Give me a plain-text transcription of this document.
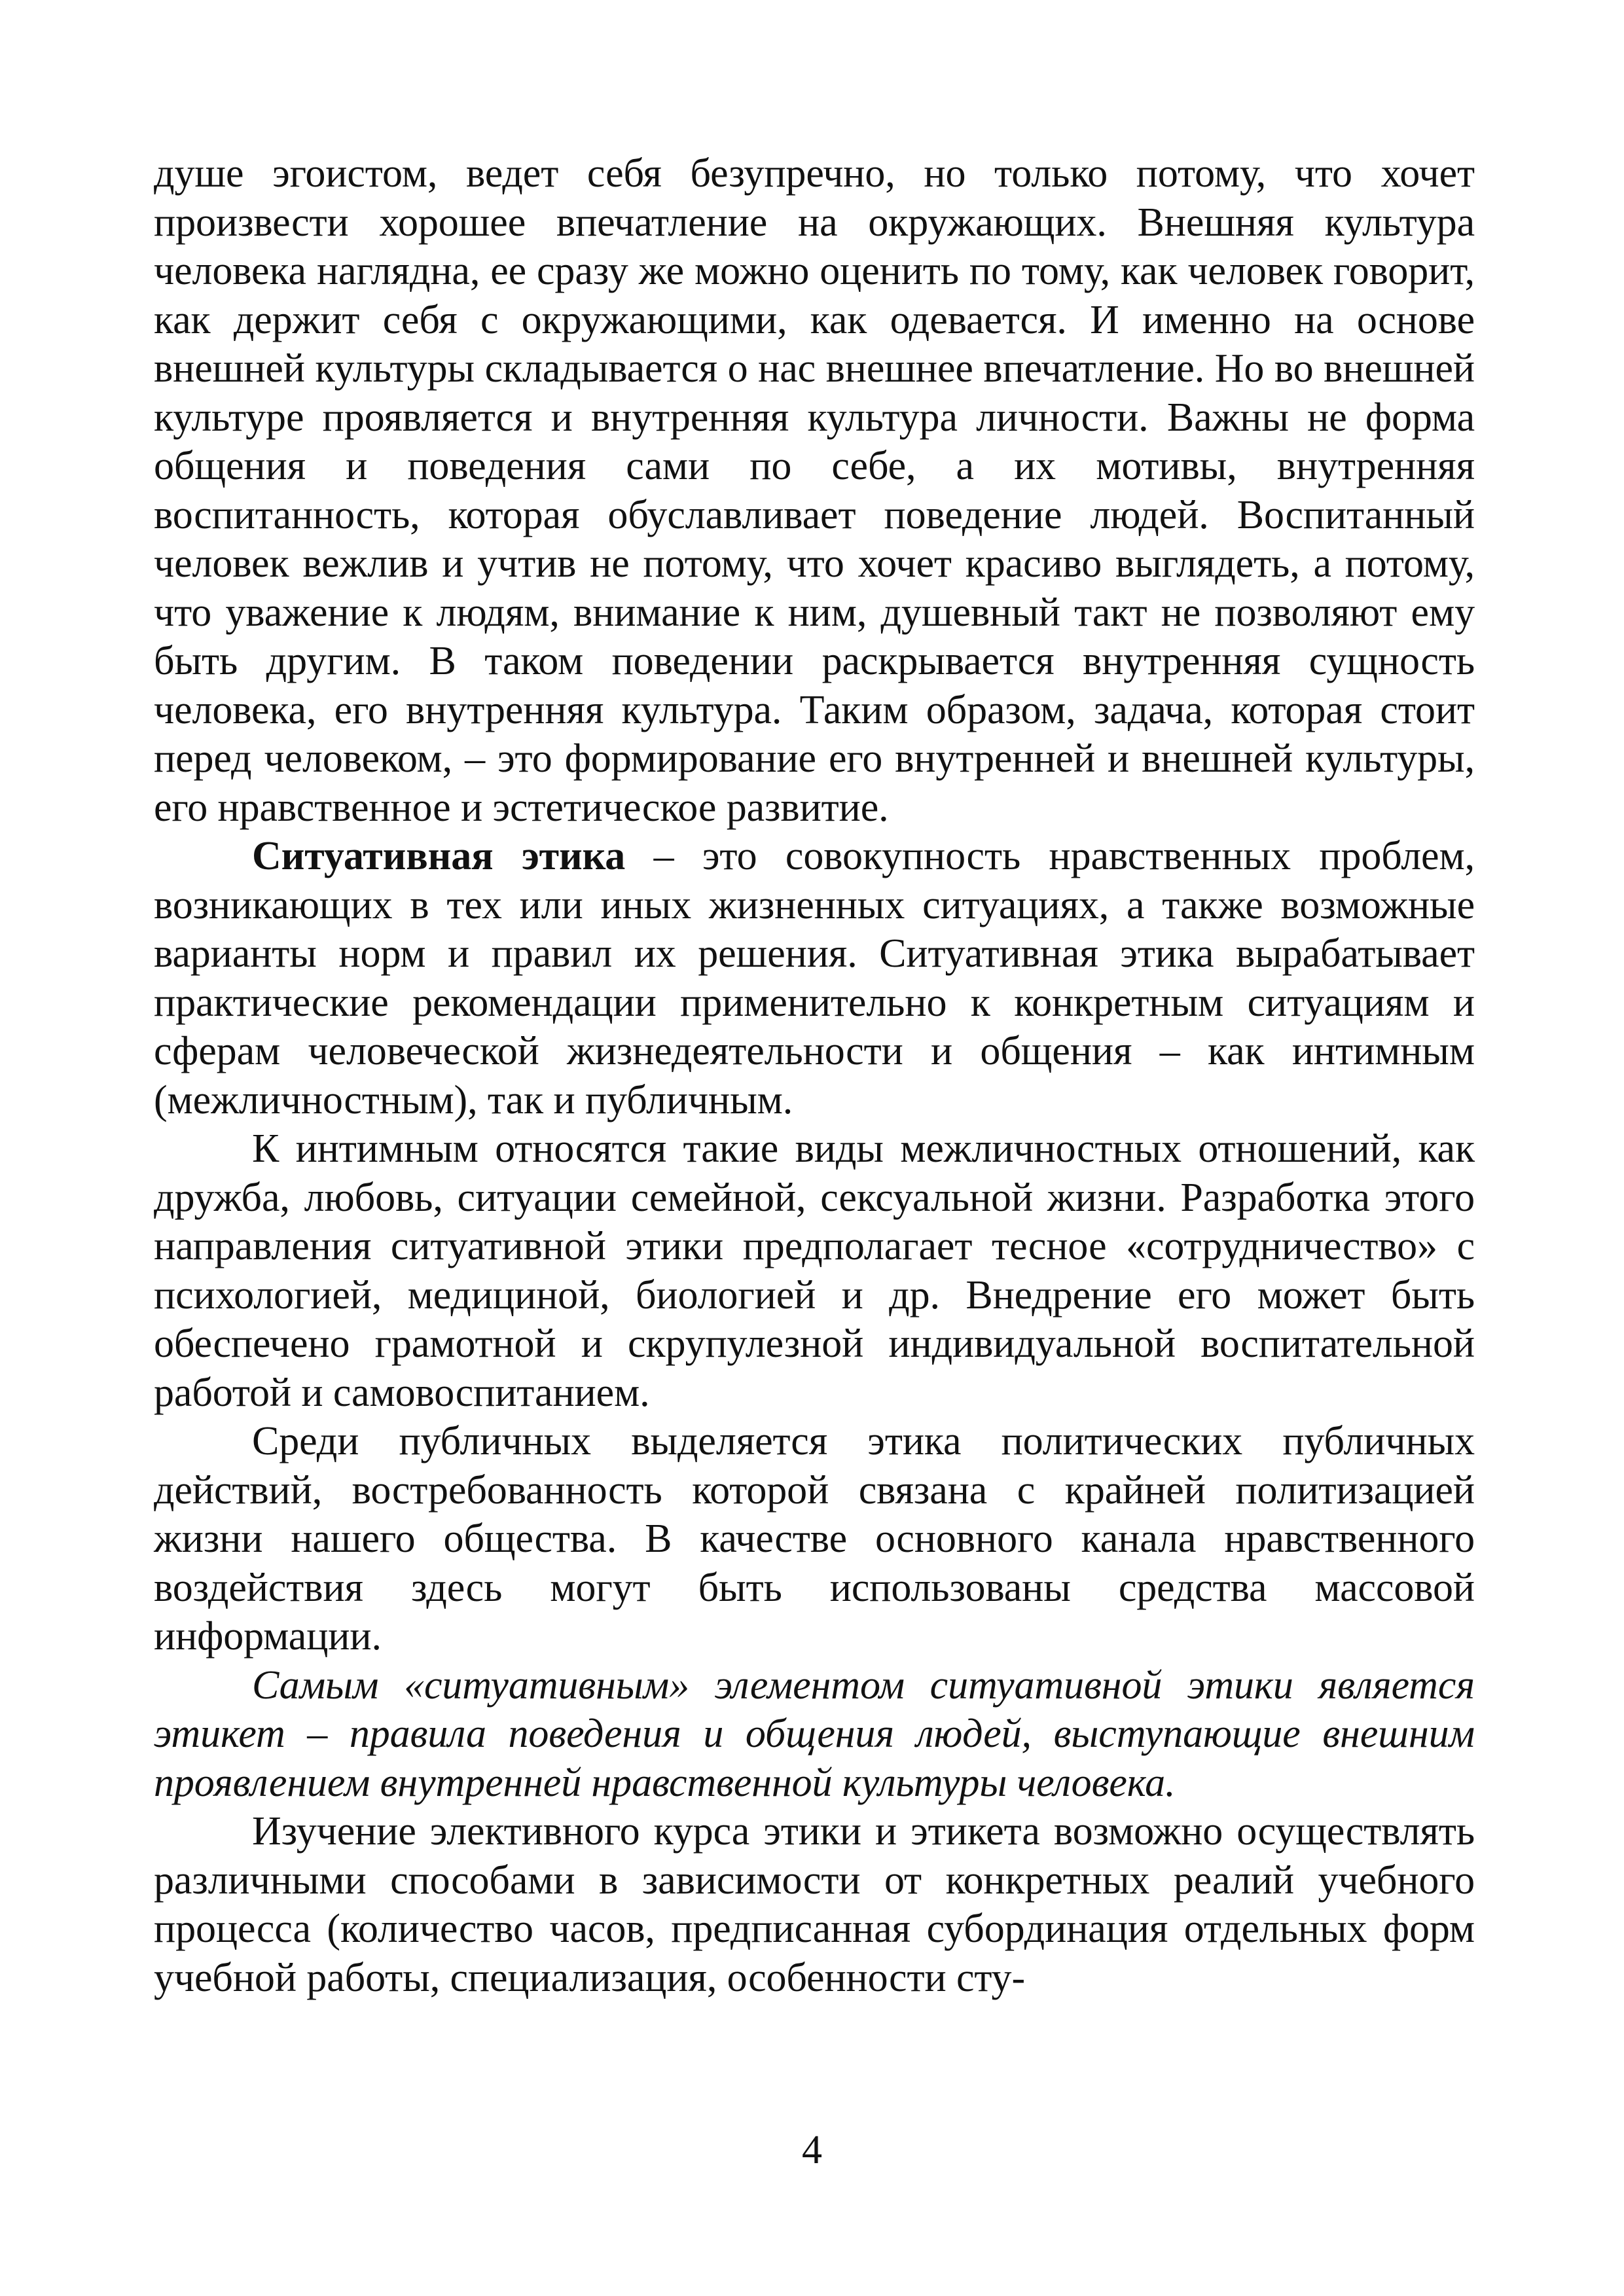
душе эгоистом, ведет себя безупречно, но только потому, что хочет произвести хорошее впечатление на окружающих. Внешняя культура человека наглядна, ее сразу же можно оценить по тому, как человек говорит, как держит себя с окружающими, как одевается. И именно на основе внешней культуры складывается о нас внешнее впечатление. Но во внешней культуре проявляется и внутренняя культура личности. Важны не форма общения и поведения сами по себе, а их мотивы, внутренняя воспитанность, которая обуславливает поведение людей. Воспитанный человек вежлив и учтив не потому, что хочет красиво выглядеть, а потому, что уважение к людям, внимание к ним, душевный такт не позволяют ему быть другим. В таком поведении раскрывается внутренняя сущность человека, его внутренняя культура. Таким образом, задача, которая стоит перед человеком, – это формирование его внутренней и внешней культуры, его нравственное и эстетическое развитие.

Ситуативная этика – это совокупность нравственных проблем, возникающих в тех или иных жизненных ситуациях, а также возможные варианты норм и правил их решения. Ситуативная этика вырабатывает практические рекомендации применительно к конкретным ситуациям и сферам человеческой жизнедеятельности и общения – как интимным (межличностным), так и публичным.

К интимным относятся такие виды межличностных отношений, как дружба, любовь, ситуации семейной, сексуальной жизни. Разработка этого направления ситуативной этики предполагает тесное «сотрудничество» с психологией, медициной, биологией и др. Внедрение его может быть обеспечено грамотной и скрупулезной индивидуальной воспитательной работой и самовоспитанием.

Среди публичных выделяется этика политических публичных действий, востребованность которой связана с крайней политизацией жизни нашего общества. В качестве основного канала нравственного воздействия здесь могут быть использованы средства массовой информации.

Самым «ситуативным» элементом ситуативной этики является этикет – правила поведения и общения людей, выступающие внешним проявлением внутренней нравственной культуры человека.

Изучение элективного курса этики и этикета возможно осуществлять различными способами в зависимости от конкретных реалий учебного процесса (количество часов, предписанная субординация отдельных форм учебной работы, специализация, особенности сту-

4
